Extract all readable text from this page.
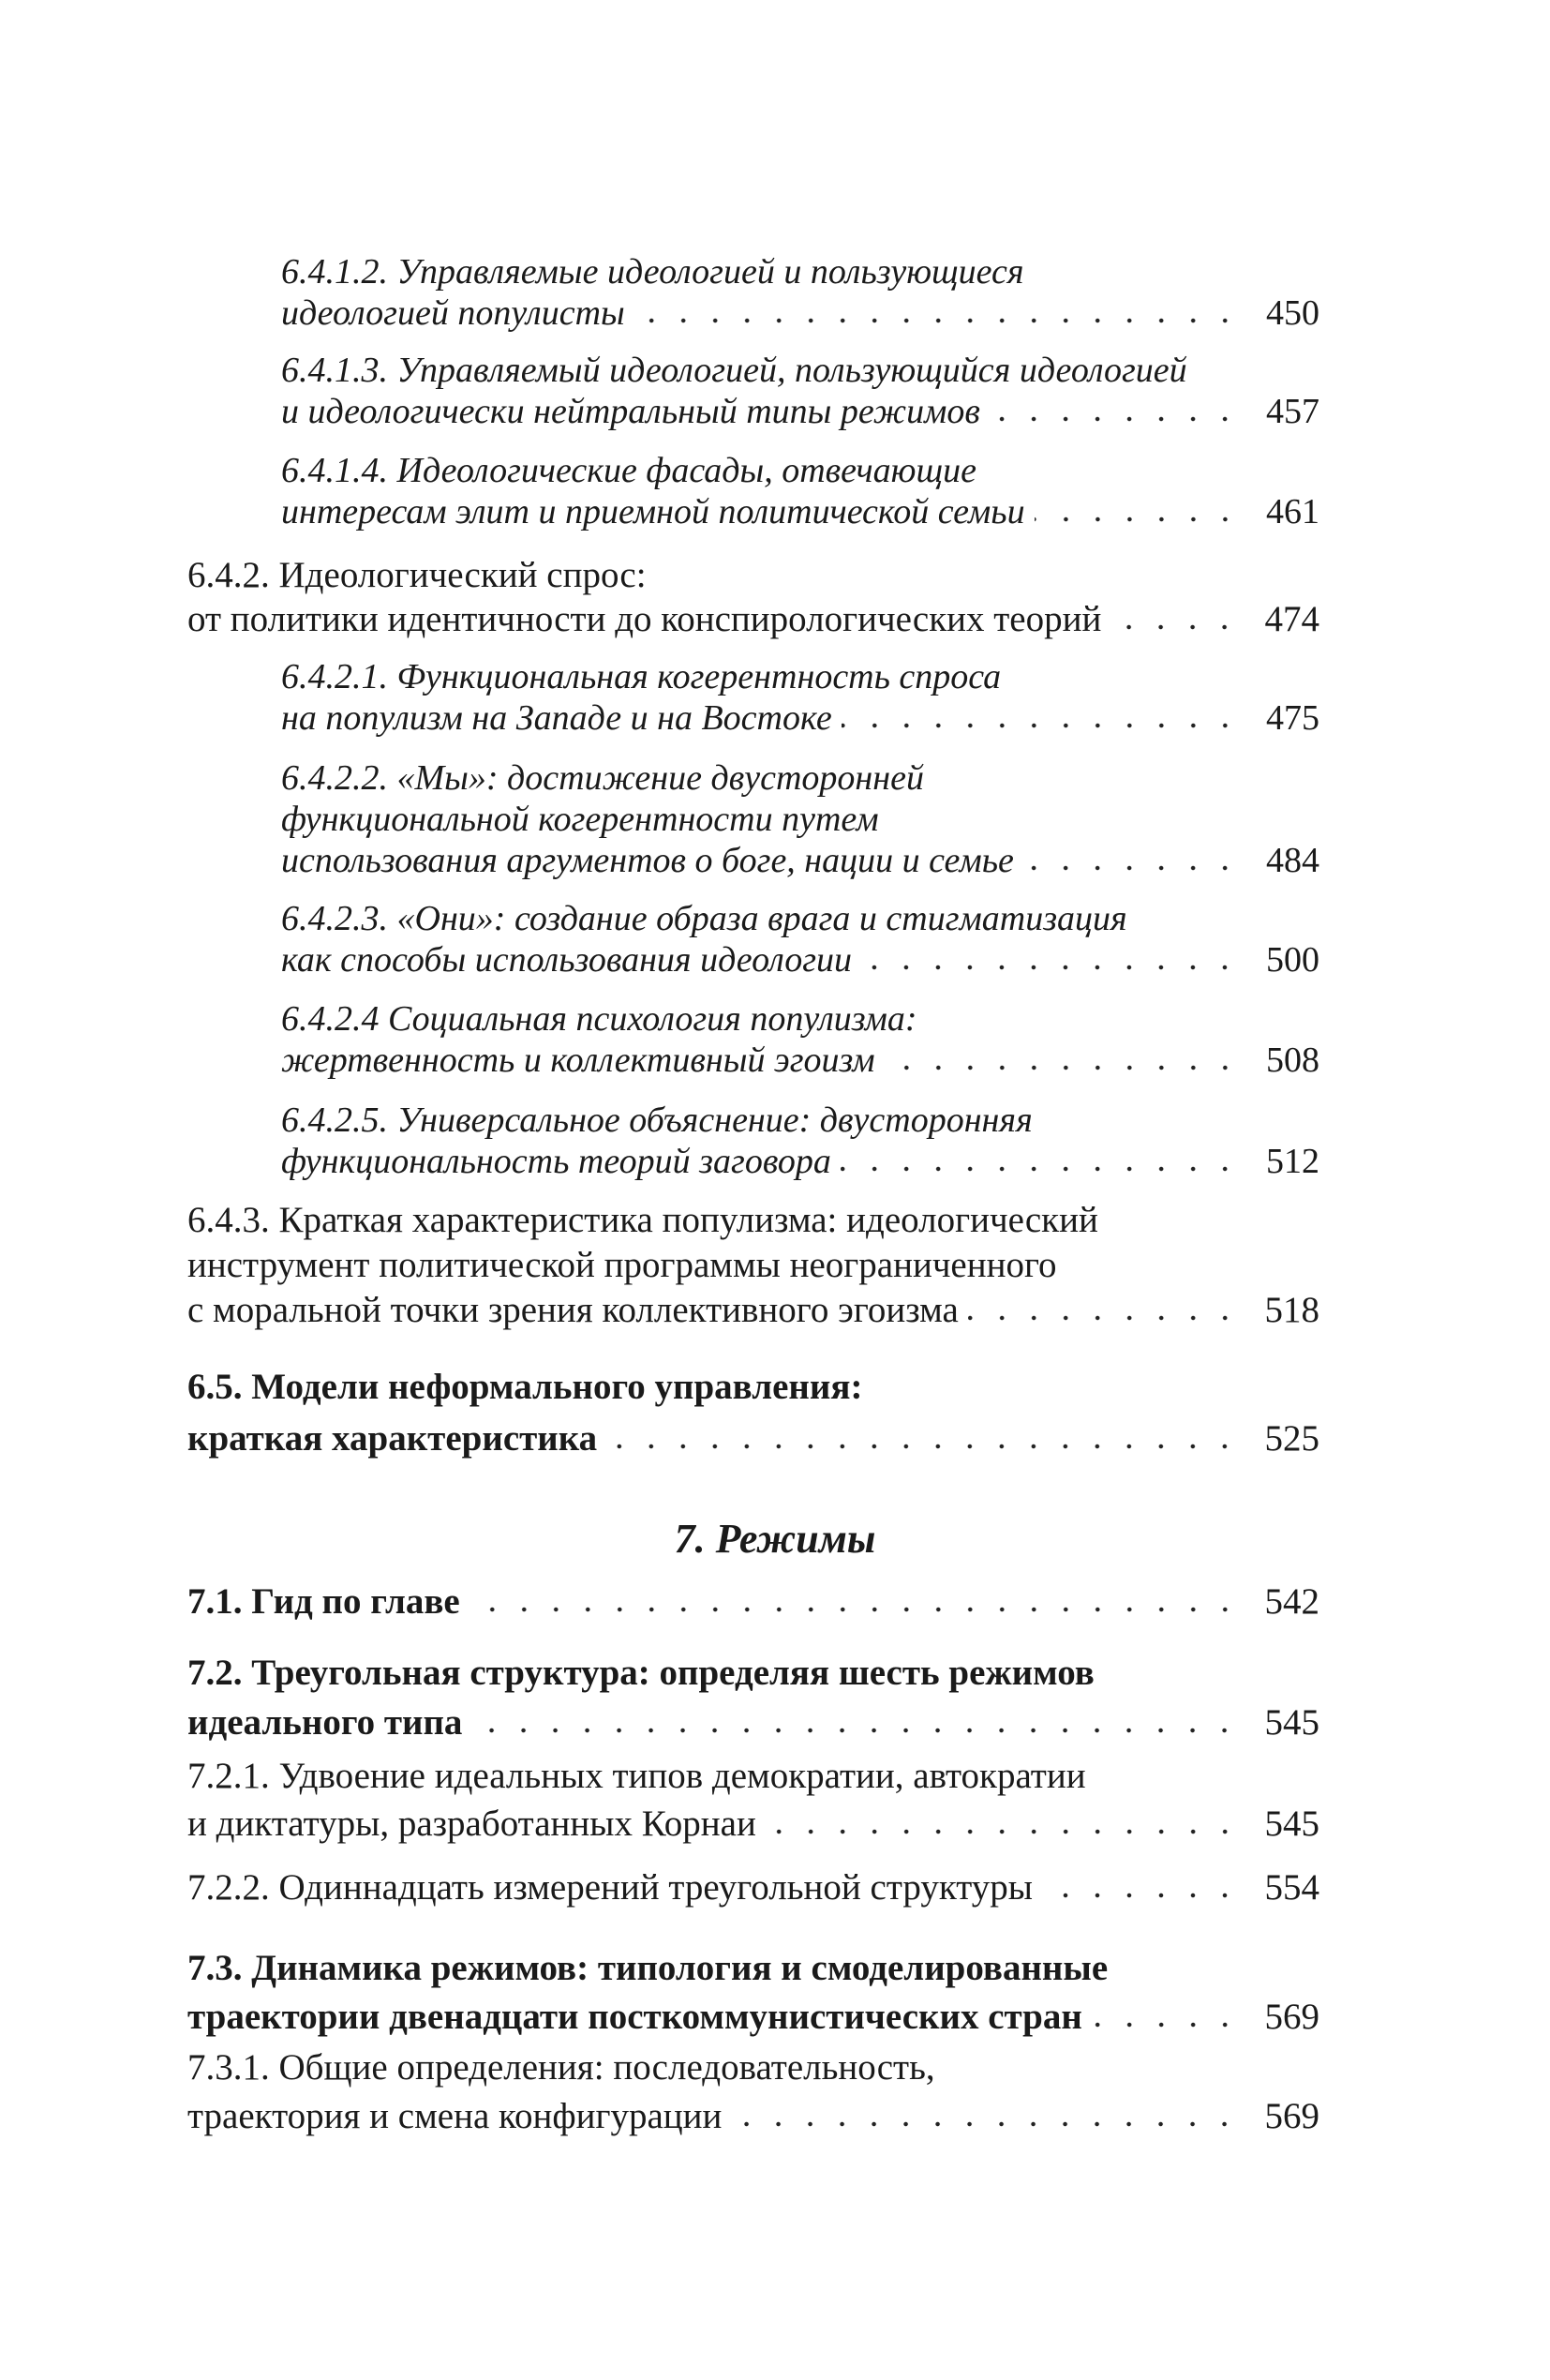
7. Режимы
6.4.1.2. Управляемые идеологией и пользующиеся
идеологией популисты	450
6.4.1.3. Управляемый идеологией, пользующийся идеологией
и идеологически нейтральный типы режимов	457
6.4.1.4. Идеологические фасады, отвечающие
интересам элит и приемной политической семьи	461
6.4.2. Идеологический спрос:
от политики идентичности до конспирологических теорий	474
6.4.2.1. Функциональная когерентность спроса
на популизм на Западе и на Востоке	475
6.4.2.2. «Мы»: достижение двусторонней
функциональной когерентности путем
использования аргументов о боге, нации и семье	484
6.4.2.3. «Они»: создание образа врага и стигматизация
как способы использования идеологии	500
6.4.2.4 Социальная психология популизма:
жертвенность и коллективный эгоизм	508
6.4.2.5. Универсальное объяснение: двусторонняя
функциональность теорий заговора	512
6.4.3. Краткая характеристика популизма: идеологический
инструмент политической программы неограниченного
с моральной точки зрения коллективного эгоизма	518
6.5. Модели неформального управления:
краткая характеристика	525
7.1. Гид по главе	542
7.2. Треугольная структура: определяя шесть режимов
идеального типа	545
7.2.1. Удвоение идеальных типов демократии, автократии
и диктатуры, разработанных Корнаи	545
7.2.2. Одиннадцать измерений треугольной структуры	554
7.3. Динамика режимов: типология и смоделированные
траектории двенадцати посткоммунистических стран	569
7.3.1. Общие определения: последовательность,
траектория и смена конфигурации	569
